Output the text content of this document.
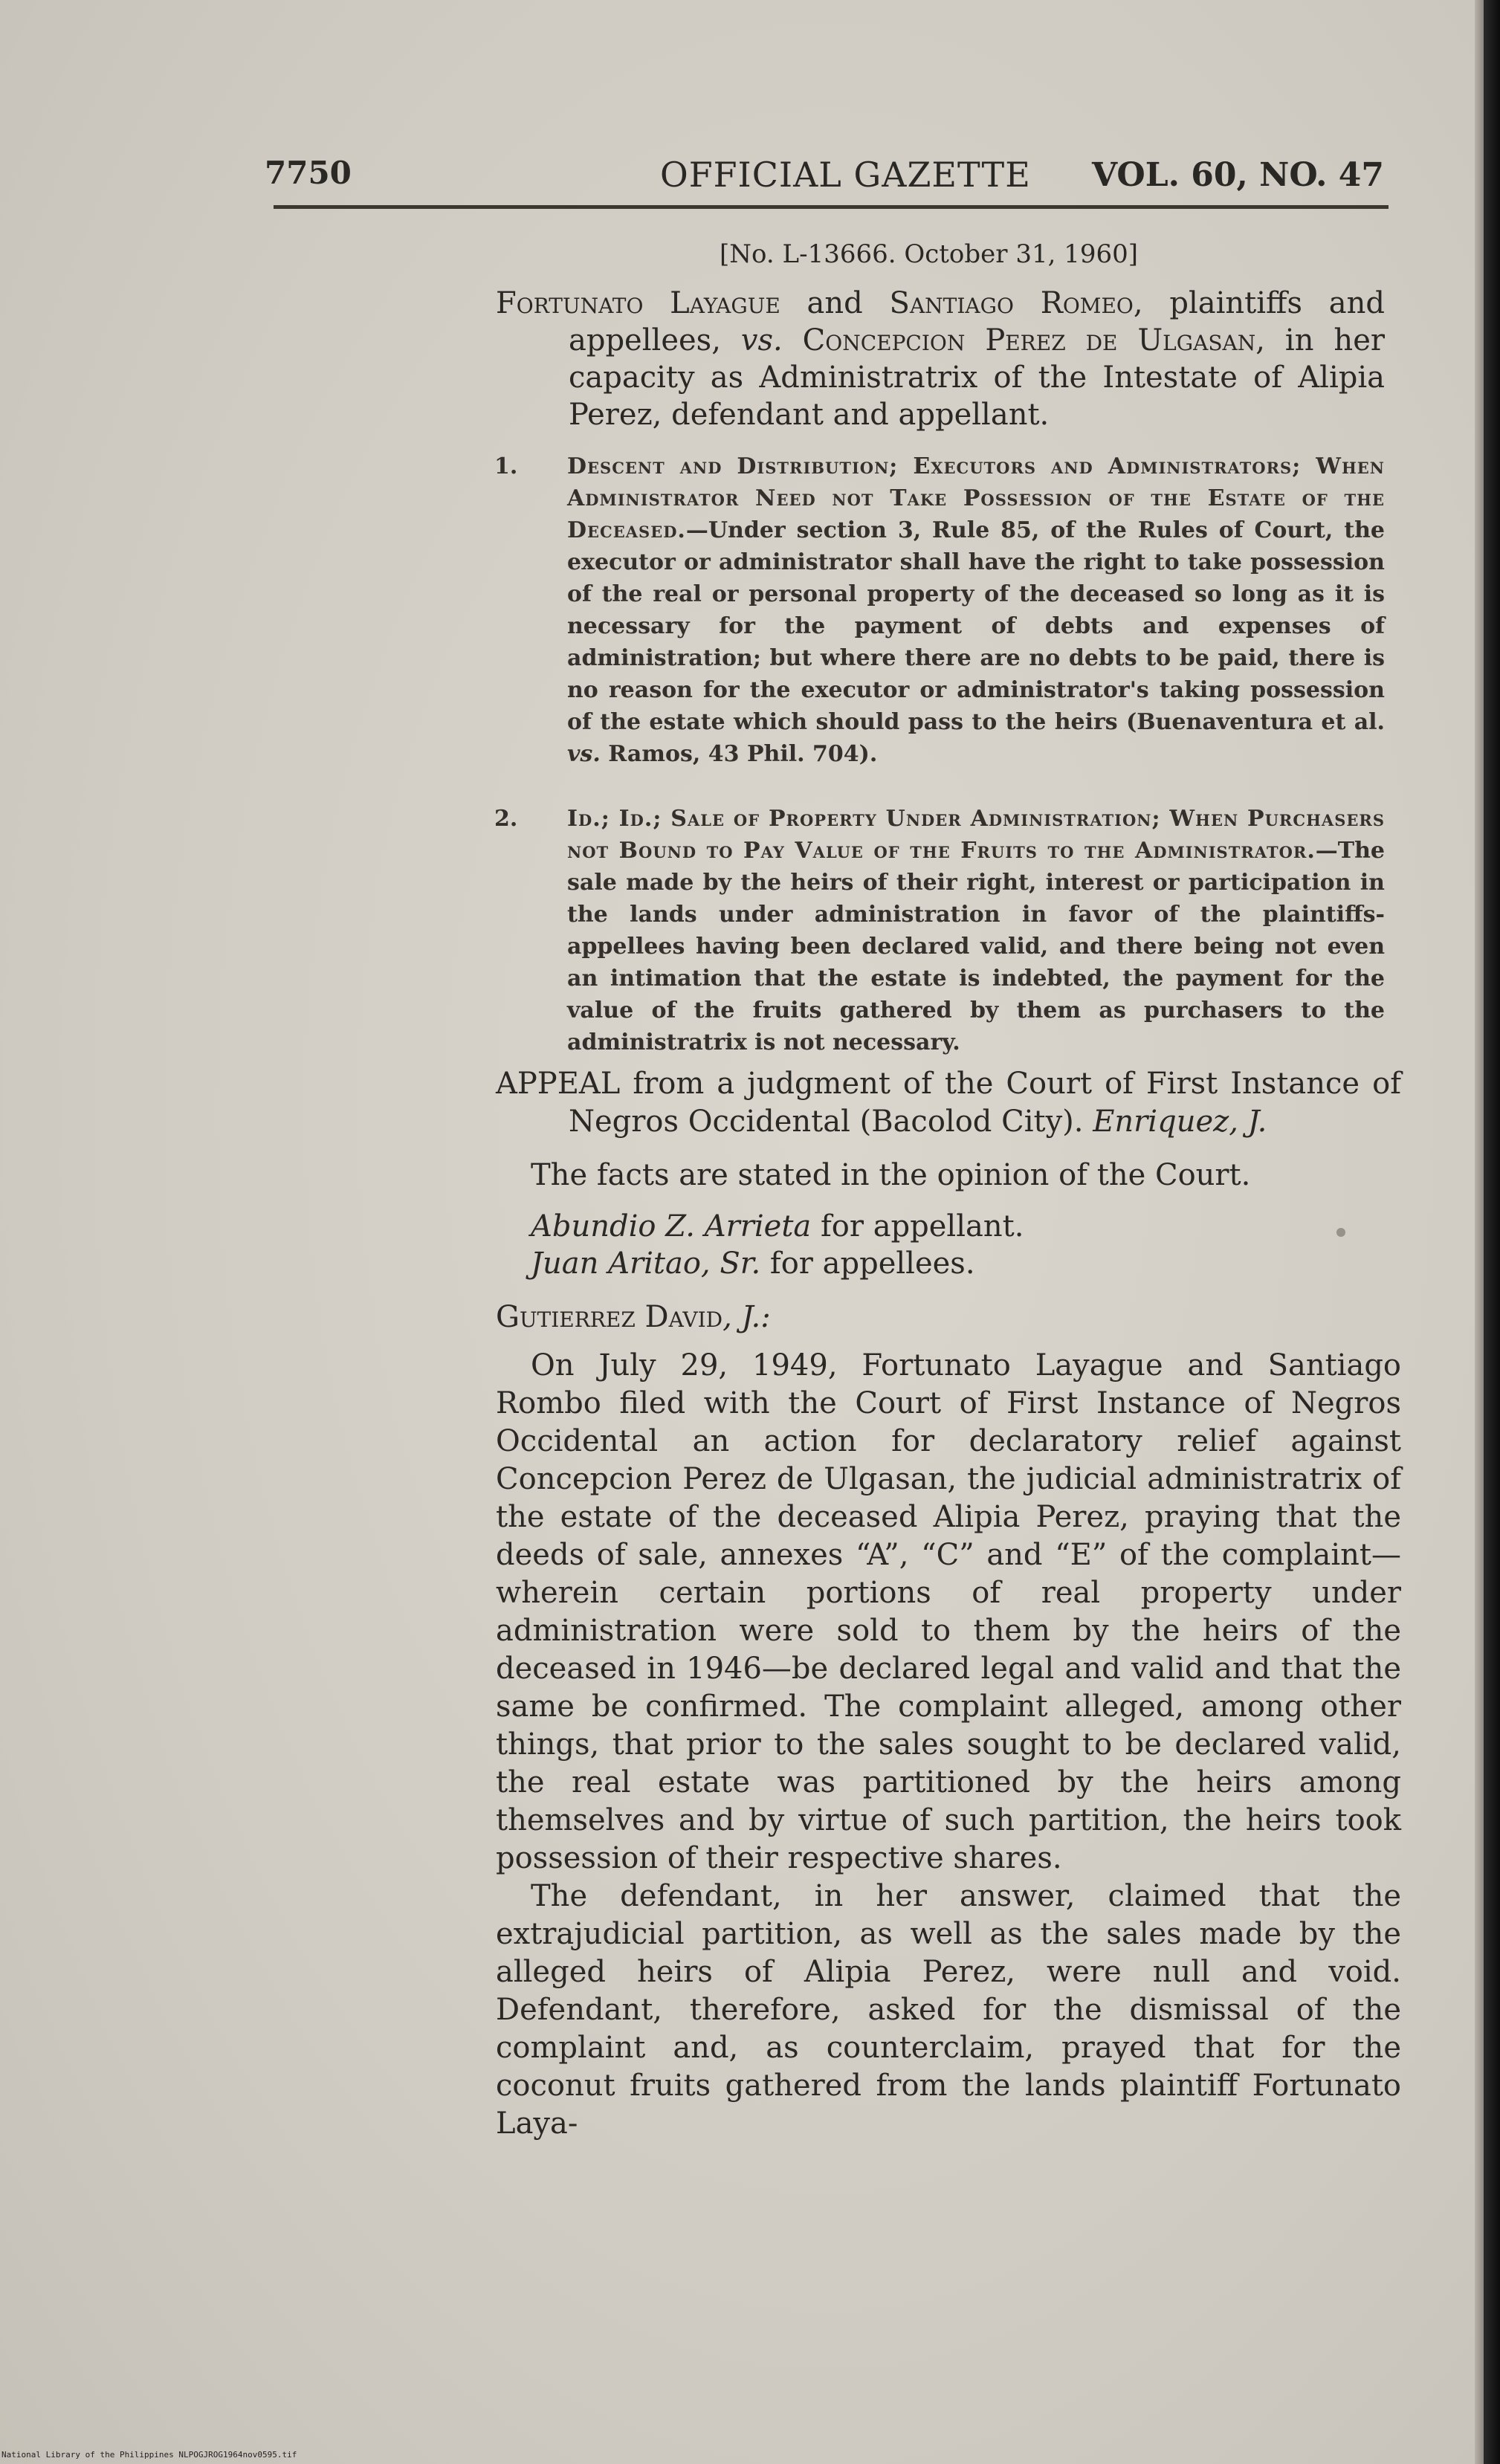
7750	OFFICIAL GAZETTE VOL. 60, NO. 47
[No. L-13666. October 31, 1960]
Fortunato Layague and Santiago Romeo, plaintiffs and appellees, vs. Concepcion Perez de Ulgasan, in her capacity as Administratrix of the Intestate of Alipia Perez, defendant and appellant.
1. Descent and Distribution; Executors and Administrators; When Administrator Need not Take Possession of the Estate of the Deceased.—Under section 3, Rule 85, of the Rules of Court, the executor or administrator shall have the right to take possession of the real or personal property of the deceased so long as it is necessary for the payment of debts and expenses of administration; but where there are no debts to be paid, there is no reason for the executor or administrator's taking possession of the estate which should pass to the heirs (Buenaventura et al. vs. Ramos, 43 Phil. 704).
2. Id.; Id.; Sale of Property Under Administration; When Purchasers not Bound to Pay Value of the Fruits to the Administrator.—The sale made by the heirs of their right, interest or participation in the lands under administration in favor of the plaintiffs-appellees having been declared valid, and there being not even an intimation that the estate is indebted, the payment for the value of the fruits gathered by them as purchasers to the administratrix is not necessary.
APPEAL from a judgment of the Court of First Instance of Negros Occidental (Bacolod City). Enriquez, J.
The facts are stated in the opinion of the Court.
Abundio Z. Arrieta for appellant.
Juan Aritao, Sr. for appellees.
Gutierrez David, J.:

On July 29, 1949, Fortunato Layague and Santiago Rombo filed with the Court of First Instance of Negros Occidental an action for declaratory relief against Concepcion Perez de Ulgasan, the judicial administratrix of the estate of the deceased Alipia Perez, praying that the deeds of sale, annexes “A”, “C” and “E” of the complaint—wherein certain portions of real property under administration were sold to them by the heirs of the deceased in 1946—be declared legal and valid and that the same be confirmed. The complaint alleged, among other things, that prior to the sales sought to be declared valid, the real estate was partitioned by the heirs among themselves and by virtue of such partition, the heirs took possession of their respective shares.

The defendant, in her answer, claimed that the extrajudicial partition, as well as the sales made by the alleged heirs of Alipia Perez, were null and void. Defendant, therefore, asked for the dismissal of the complaint and, as counterclaim, prayed that for the coconut fruits gathered from the lands plaintiff Fortunato Laya-

National Library of the Philippines NLPOGJROG1964nov0595.tif
